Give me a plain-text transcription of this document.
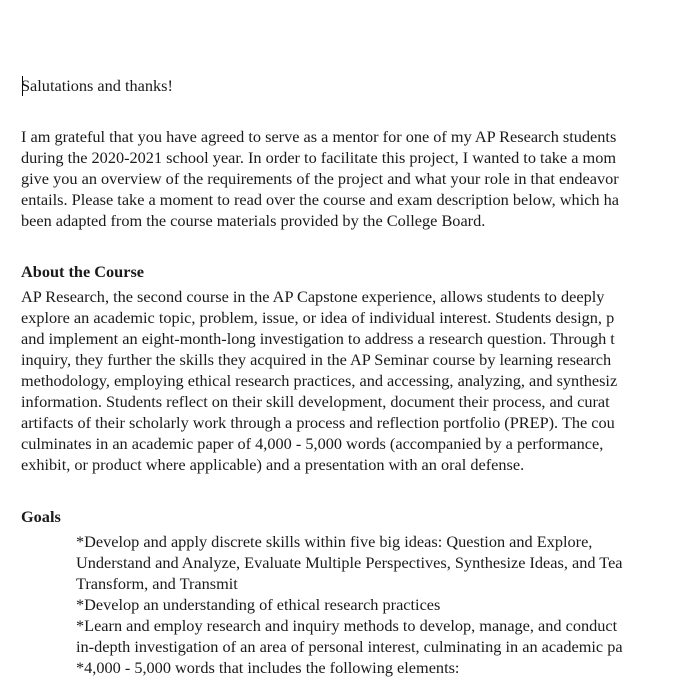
Salutations and thanks!
I am grateful that you have agreed to serve as a mentor for one of my AP Research students
during the 2020-2021 school year. In order to facilitate this project, I wanted to take a mom
give you an overview of the requirements of the project and what your role in that endeavor
entails. Please take a moment to read over the course and exam description below, which ha
been adapted from the course materials provided by the College Board.
About the Course
AP Research, the second course in the AP Capstone experience, allows students to deeply
explore an academic topic, problem, issue, or idea of individual interest. Students design, p
and implement an eight-month-long investigation to address a research question. Through t
inquiry, they further the skills they acquired in the AP Seminar course by learning research
methodology, employing ethical research practices, and accessing, analyzing, and synthesiz
information. Students reflect on their skill development, document their process, and curat
artifacts of their scholarly work through a process and reflection portfolio (PREP). The cou
culminates in an academic paper of 4,000 - 5,000 words (accompanied by a performance,
exhibit, or product where applicable) and a presentation with an oral defense.
Goals
*Develop and apply discrete skills within five big ideas: Question and Explore,
Understand and Analyze, Evaluate Multiple Perspectives, Synthesize Ideas, and Tea
Transform, and Transmit
*Develop an understanding of ethical research practices
*Learn and employ research and inquiry methods to develop, manage, and conduct
in-depth investigation of an area of personal interest, culminating in an academic pa
*4,000 - 5,000 words that includes the following elements:
